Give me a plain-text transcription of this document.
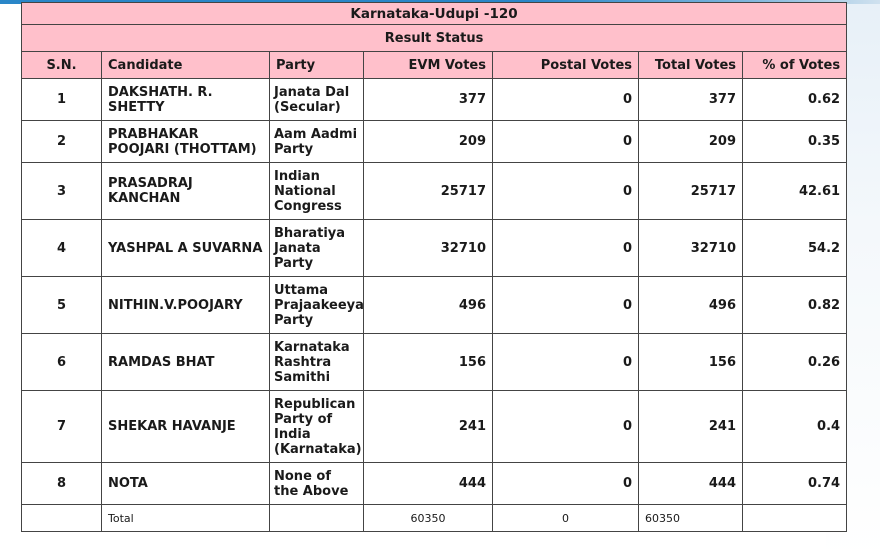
Karnataka-Udupi -120						
Result Status						
S.N.	Candidate	Party	EVM Votes	Postal Votes	Total Votes	% of Votes
1	DAKSHATH. R. SHETTY	Janata Dal (Secular)	377	0	377	0.62
2	PRABHAKAR POOJARI (THOTTAM)	Aam Aadmi Party	209	0	209	0.35
3	PRASADRAJ KANCHAN	Indian National Congress	25717	0	25717	42.61
4	YASHPAL A SUVARNA	Bharatiya Janata Party	32710	0	32710	54.2
5	NITHIN.V.POOJARY	Uttama Prajaakeeya Party	496	0	496	0.82
6	RAMDAS BHAT	Karnataka Rashtra Samithi	156	0	156	0.26
7	SHEKAR HAVANJE	Republican Party of India (Karnataka)	241	0	241	0.4
8	NOTA	None of the Above	444	0	444	0.74
	Total		60350	0	60350	
